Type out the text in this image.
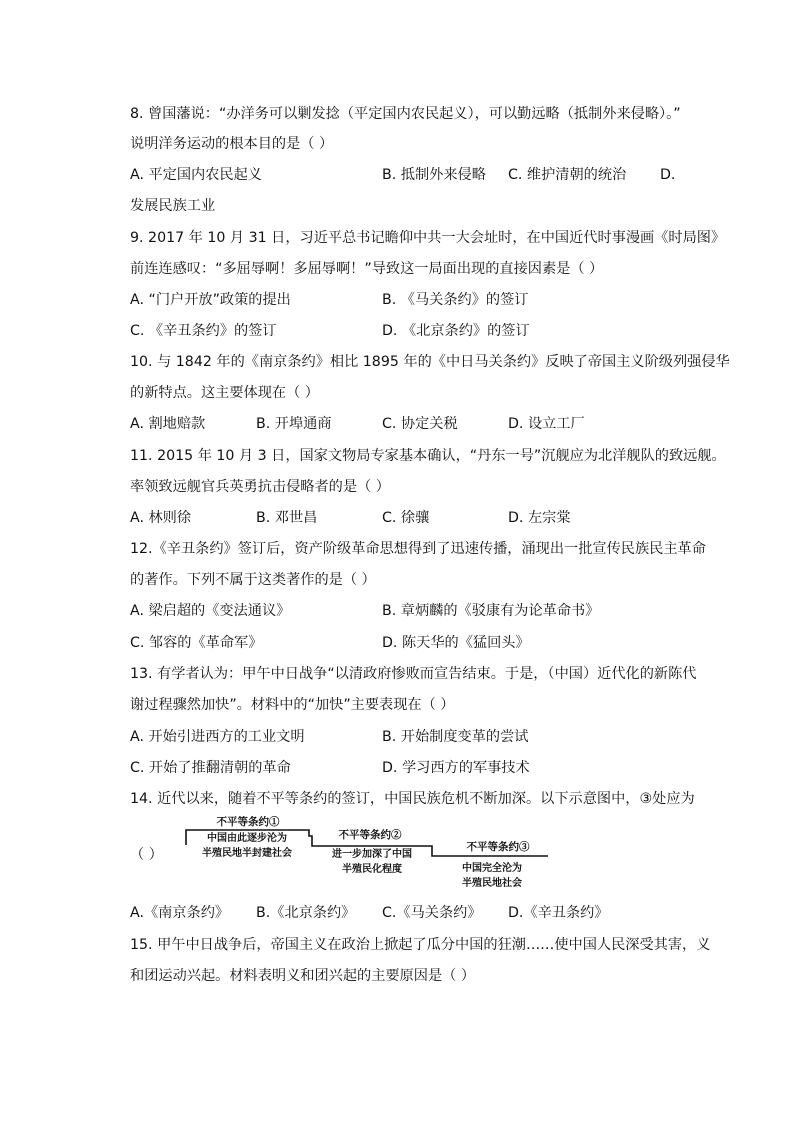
8. 曾国藩说：“办洋务可以剿发捻（平定国内农民起义），可以勤远略（抵制外来侵略）。”
说明洋务运动的根本目的是（ ）
A. 平定国内农民起义	B. 抵制外来侵略 C. 维护清朝的统治 D.
发展民族工业
9. 2017 年 10 月 31 日，习近平总书记瞻仰中共一大会址时，在中国近代时事漫画《时局图》
前连连感叹：“多屈辱啊！多屈辱啊！”导致这一局面出现的直接因素是（ ）
A. “门户开放”政策的提出	B. 《马关条约》的签订
C. 《辛丑条约》的签订	D. 《北京条约》的签订
10. 与 1842 年的《南京条约》相比 1895 年的《中日马关条约》反映了帝国主义阶级列强侵华
的新特点。这主要体现在（ ）
A. 割地赔款	B. 开埠通商	C. 协定关税	D. 设立工厂
11. 2015 年 10 月 3 日，国家文物局专家基本确认，“丹东一号”沉舰应为北洋舰队的致远舰。
率领致远舰官兵英勇抗击侵略者的是（ ）
A. 林则徐	B. 邓世昌	C. 徐骧	D. 左宗棠
12.《辛丑条约》签订后，资产阶级革命思想得到了迅速传播，涌现出一批宣传民族民主革命
的著作。下列不属于这类著作的是（ ）
A. 梁启超的《变法通议》	B. 章炳麟的《驳康有为论革命书》
C. 邹容的《革命军》	D. 陈天华的《猛回头》
13. 有学者认为：甲午中日战争“以清政府惨败而宣告结束。于是，（中国）近代化的新陈代
谢过程骤然加快”。材料中的“加快”主要表现在（ ）
A. 开始引进西方的工业文明	B. 开始制度变革的尝试
C. 开始了推翻清朝的革命	D. 学习西方的军事技术
14. 近代以来，随着不平等条约的签订，中国民族危机不断加深。以下示意图中，③处应为
（ ）
不平等条约①
中国由此逐步沦为
半殖民地半封建社会
不平等条约②
进一步加深了中国
半殖民化程度
不平等条约③
中国完全沦为
半殖民地社会
A.《南京条约》 B.《北京条约》 C.《马关条约》 D.《辛丑条约》
15. 甲午中日战争后，帝国主义在政治上掀起了瓜分中国的狂潮……使中国人民深受其害，义
和团运动兴起。材料表明义和团兴起的主要原因是（ ）
